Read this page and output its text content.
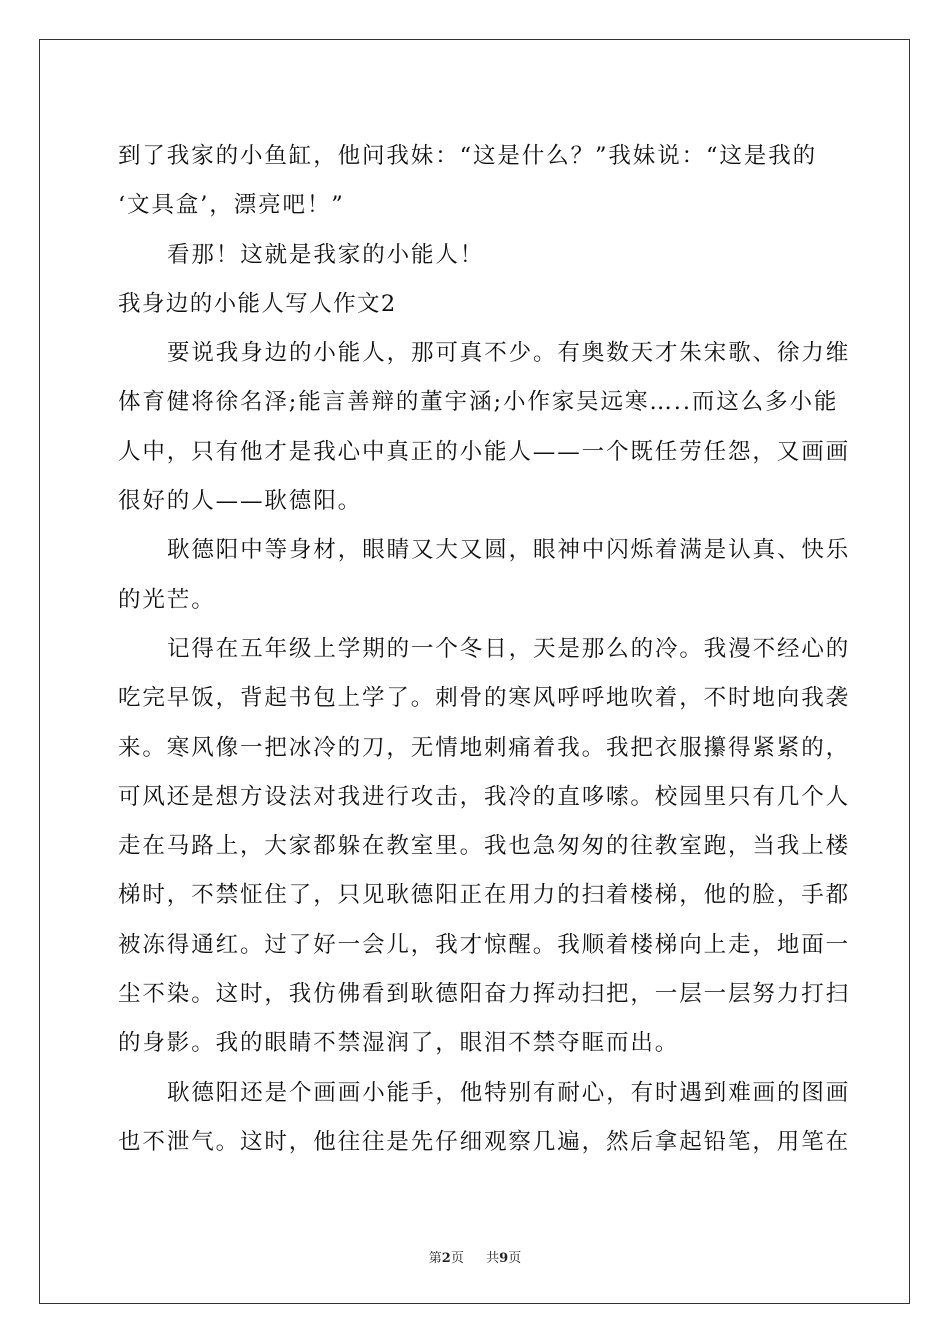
到了我家的小鱼缸，他问我妹：“这是什么？”我妹说：“这是我的
‘文具盒’，漂亮吧！”
看那！这就是我家的小能人！
我身边的小能人写人作文2
要说我身边的小能人，那可真不少。有奥数天才朱宋歌、徐力维
体育健将徐名泽;能言善辩的董宇涵;小作家吴远寒…..而这么多小能
人中，只有他才是我心中真正的小能人——一个既任劳任怨，又画画
很好的人——耿德阳。
耿德阳中等身材，眼睛又大又圆，眼神中闪烁着满是认真、快乐
的光芒。
记得在五年级上学期的一个冬日，天是那么的冷。我漫不经心的
吃完早饭，背起书包上学了。刺骨的寒风呼呼地吹着，不时地向我袭
来。寒风像一把冰冷的刀，无情地刺痛着我。我把衣服攥得紧紧的，
可风还是想方设法对我进行攻击，我冷的直哆嗦。校园里只有几个人
走在马路上，大家都躲在教室里。我也急匆匆的往教室跑，当我上楼
梯时，不禁怔住了，只见耿德阳正在用力的扫着楼梯，他的脸，手都
被冻得通红。过了好一会儿，我才惊醒。我顺着楼梯向上走，地面一
尘不染。这时，我仿佛看到耿德阳奋力挥动扫把，一层一层努力打扫
的身影。我的眼睛不禁湿润了，眼泪不禁夺眶而出。
耿德阳还是个画画小能手，他特别有耐心，有时遇到难画的图画
也不泄气。这时，他往往是先仔细观察几遍，然后拿起铅笔，用笔在
第2页 共9页
